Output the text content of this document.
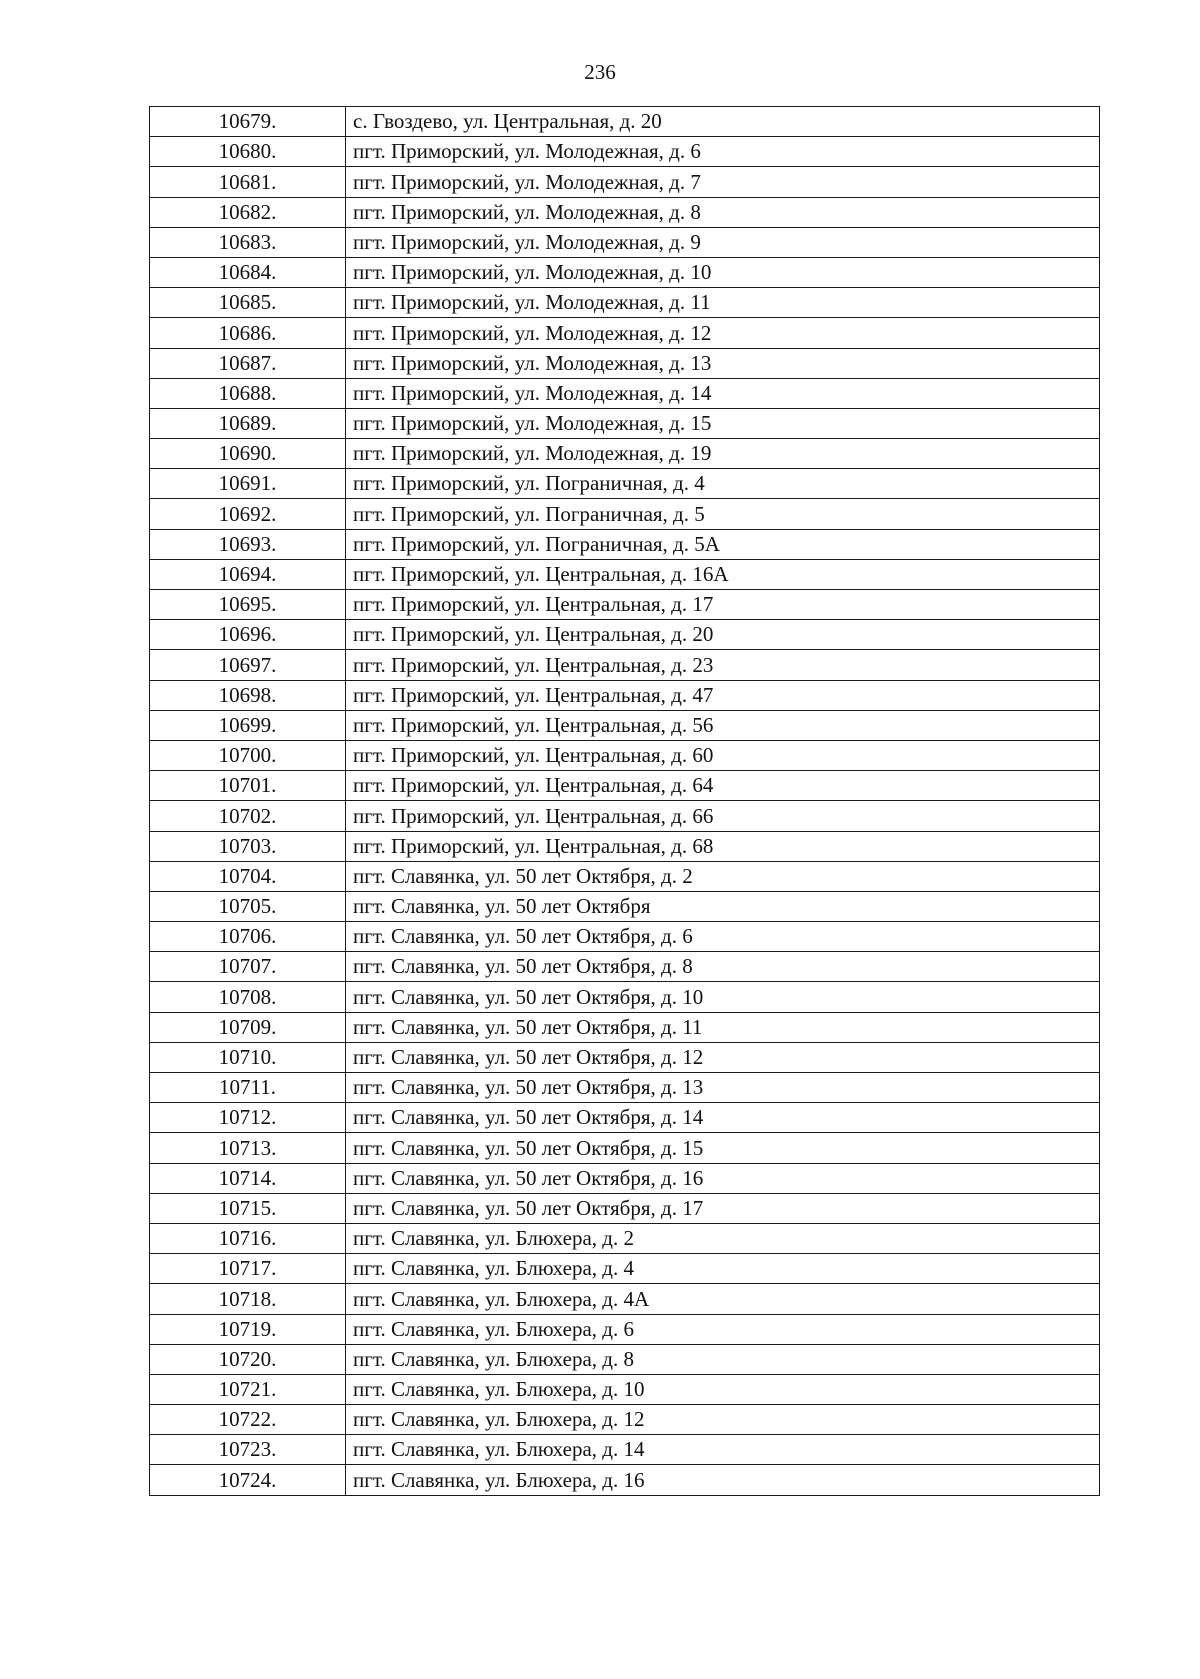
236
10679.	с. Гвоздево, ул. Центральная, д. 20
10680.	пгт. Приморский, ул. Молодежная, д. 6
10681.	пгт. Приморский, ул. Молодежная, д. 7
10682.	пгт. Приморский, ул. Молодежная, д. 8
10683.	пгт. Приморский, ул. Молодежная, д. 9
10684.	пгт. Приморский, ул. Молодежная, д. 10
10685.	пгт. Приморский, ул. Молодежная, д. 11
10686.	пгт. Приморский, ул. Молодежная, д. 12
10687.	пгт. Приморский, ул. Молодежная, д. 13
10688.	пгт. Приморский, ул. Молодежная, д. 14
10689.	пгт. Приморский, ул. Молодежная, д. 15
10690.	пгт. Приморский, ул. Молодежная, д. 19
10691.	пгт. Приморский, ул. Пограничная, д. 4
10692.	пгт. Приморский, ул. Пограничная, д. 5
10693.	пгт. Приморский, ул. Пограничная, д. 5А
10694.	пгт. Приморский, ул. Центральная, д. 16А
10695.	пгт. Приморский, ул. Центральная, д. 17
10696.	пгт. Приморский, ул. Центральная, д. 20
10697.	пгт. Приморский, ул. Центральная, д. 23
10698.	пгт. Приморский, ул. Центральная, д. 47
10699.	пгт. Приморский, ул. Центральная, д. 56
10700.	пгт. Приморский, ул. Центральная, д. 60
10701.	пгт. Приморский, ул. Центральная, д. 64
10702.	пгт. Приморский, ул. Центральная, д. 66
10703.	пгт. Приморский, ул. Центральная, д. 68
10704.	пгт. Славянка, ул. 50 лет Октября, д. 2
10705.	пгт. Славянка, ул. 50 лет Октября
10706.	пгт. Славянка, ул. 50 лет Октября, д. 6
10707.	пгт. Славянка, ул. 50 лет Октября, д. 8
10708.	пгт. Славянка, ул. 50 лет Октября, д. 10
10709.	пгт. Славянка, ул. 50 лет Октября, д. 11
10710.	пгт. Славянка, ул. 50 лет Октября, д. 12
10711.	пгт. Славянка, ул. 50 лет Октября, д. 13
10712.	пгт. Славянка, ул. 50 лет Октября, д. 14
10713.	пгт. Славянка, ул. 50 лет Октября, д. 15
10714.	пгт. Славянка, ул. 50 лет Октября, д. 16
10715.	пгт. Славянка, ул. 50 лет Октября, д. 17
10716.	пгт. Славянка, ул. Блюхера, д. 2
10717.	пгт. Славянка, ул. Блюхера, д. 4
10718.	пгт. Славянка, ул. Блюхера, д. 4А
10719.	пгт. Славянка, ул. Блюхера, д. 6
10720.	пгт. Славянка, ул. Блюхера, д. 8
10721.	пгт. Славянка, ул. Блюхера, д. 10
10722.	пгт. Славянка, ул. Блюхера, д. 12
10723.	пгт. Славянка, ул. Блюхера, д. 14
10724.	пгт. Славянка, ул. Блюхера, д. 16
